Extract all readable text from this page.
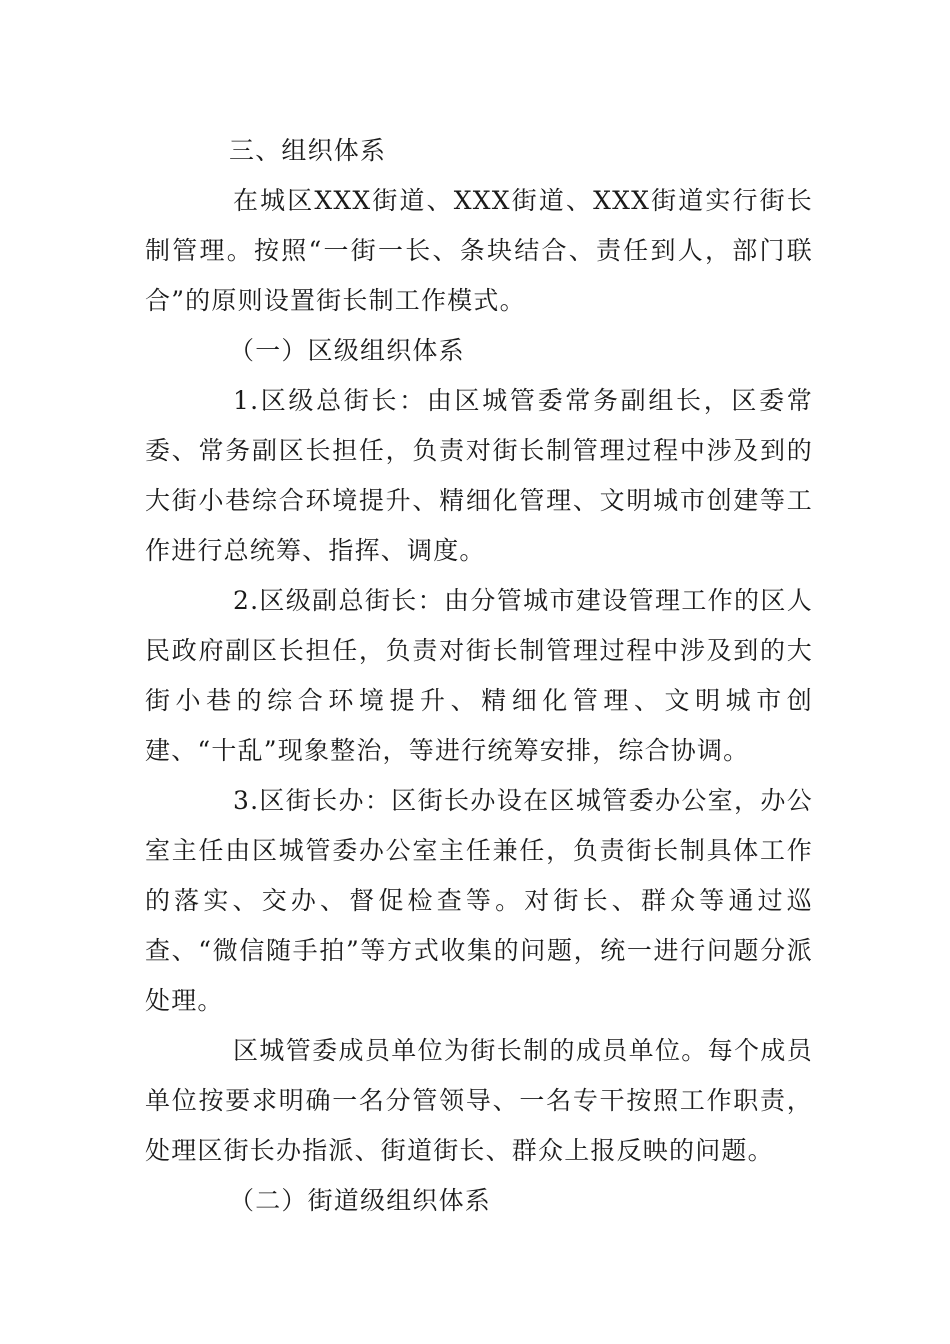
三、组织体系

在城区XXX街道、XXX街道、XXX街道实行街长制管理。按照“一街一长、条块结合、责任到人，部门联合”的原则设置街长制工作模式。

（一）区级组织体系

1.区级总街长：由区城管委常务副组长，区委常委、常务副区长担任，负责对街长制管理过程中涉及到的大街小巷综合环境提升、精细化管理、文明城市创建等工作进行总统筹、指挥、调度。

2.区级副总街长：由分管城市建设管理工作的区人民政府副区长担任，负责对街长制管理过程中涉及到的大街小巷的综合环境提升、精细化管理、文明城市创建、“十乱”现象整治，等进行统筹安排，综合协调。

3.区街长办：区街长办设在区城管委办公室，办公室主任由区城管委办公室主任兼任，负责街长制具体工作的落实、交办、督促检查等。对街长、群众等通过巡查、“微信随手拍”等方式收集的问题，统一进行问题分派处理。

区城管委成员单位为街长制的成员单位。每个成员单位按要求明确一名分管领导、一名专干按照工作职责，处理区街长办指派、街道街长、群众上报反映的问题。

（二）街道级组织体系
